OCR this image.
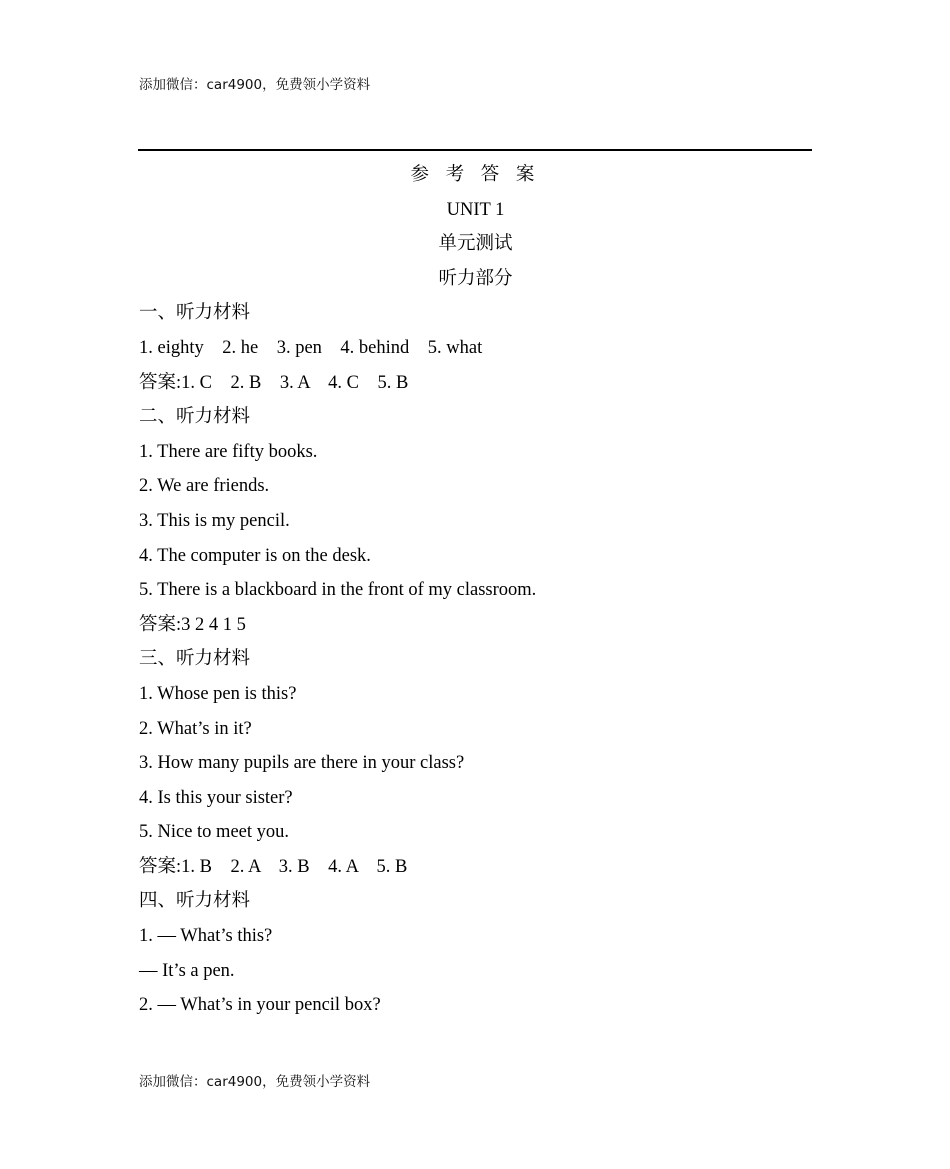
添加微信：car4900，免费领小学资料
参 考 答 案
UNIT 1
单元测试
听力部分
一、听力材料
1. eighty    2. he    3. pen    4. behind    5. what
答案:1. C    2. B    3. A    4. C    5. B
二、听力材料
1. There are fifty books.
2. We are friends.
3. This is my pencil.
4. The computer is on the desk.
5. There is a blackboard in the front of my classroom.
答案:3 2 4 1 5
三、听力材料
1. Whose pen is this?
2. What’s in it?
3. How many pupils are there in your class?
4. Is this your sister?
5. Nice to meet you.
答案:1. B    2. A    3. B    4. A    5. B
四、听力材料
1. — What’s this?
— It’s a pen.
2. — What’s in your pencil box?
添加微信：car4900，免费领小学资料
